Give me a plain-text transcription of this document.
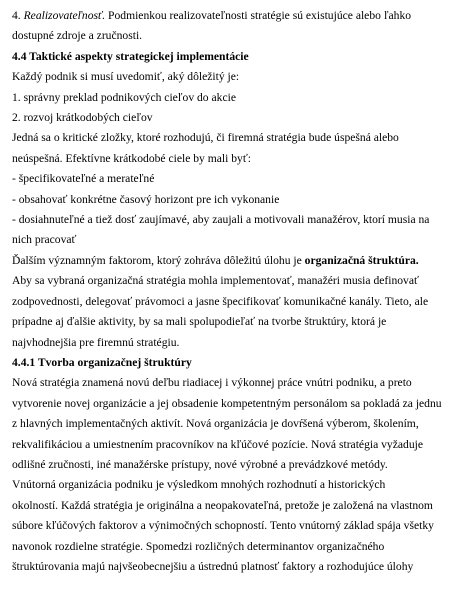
4. Realizovateľnosť. Podmienkou realizovateľnosti stratégie sú existujúce alebo ľahko
dostupné zdroje a zručnosti.
4.4 Taktické aspekty strategickej implementácie
Každý podnik si musí uvedomiť, aký dôležitý je:
1. správny preklad podnikových cieľov do akcie
2. rozvoj krátkodobých cieľov
Jedná sa o kritické zložky, ktoré rozhodujú, či firemná stratégia bude úspešná alebo
neúspešná. Efektívne krátkodobé ciele by mali byť:
- špecifikovateľné a merateľné
- obsahovať konkrétne časový horizont pre ich vykonanie
- dosiahnuteľné a tiež dosť zaujímavé, aby zaujali a motivovali manažérov, ktorí musia na
nich pracovať
Ďalším významným faktorom, ktorý zohráva dôležitú úlohu je organizačná štruktúra.
Aby sa vybraná organizačná stratégia mohla implementovať, manažéri musia definovať
zodpovednosti, delegovať právomoci a jasne špecifikovať komunikačné kanály. Tieto, ale
prípadne aj ďalšie aktivity, by sa mali spolupodieľať na tvorbe štruktúry, ktorá je
najvhodnejšia pre firemnú stratégiu.
4.4.1 Tvorba organizačnej štruktúry
Nová stratégia znamená novú deľbu riadiacej i výkonnej práce vnútri podniku, a preto
vytvorenie novej organizácie a jej obsadenie kompetentným personálom sa pokladá za jednu
z hlavných implementačných aktivít. Nová organizácia je dovŕšená výberom, školením,
rekvalifikáciou a umiestnením pracovníkov na kľúčové pozície. Nová stratégia vyžaduje
odlišné zručnosti, iné manažérske prístupy, nové výrobné a prevádzkové metódy.
Vnútorná organizácia podniku je výsledkom mnohých rozhodnutí a historických
okolností. Každá stratégia je originálna a neopakovateľná, pretože je založená na vlastnom
súbore kľúčových faktorov a výnimočných schopností. Tento vnútorný základ spája všetky
navonok rozdielne stratégie. Spomedzi rozličných determinantov organizačného
štruktúrovania majú najvšeobecnejšiu a ústrednú platnosť faktory a rozhodujúce úlohy
